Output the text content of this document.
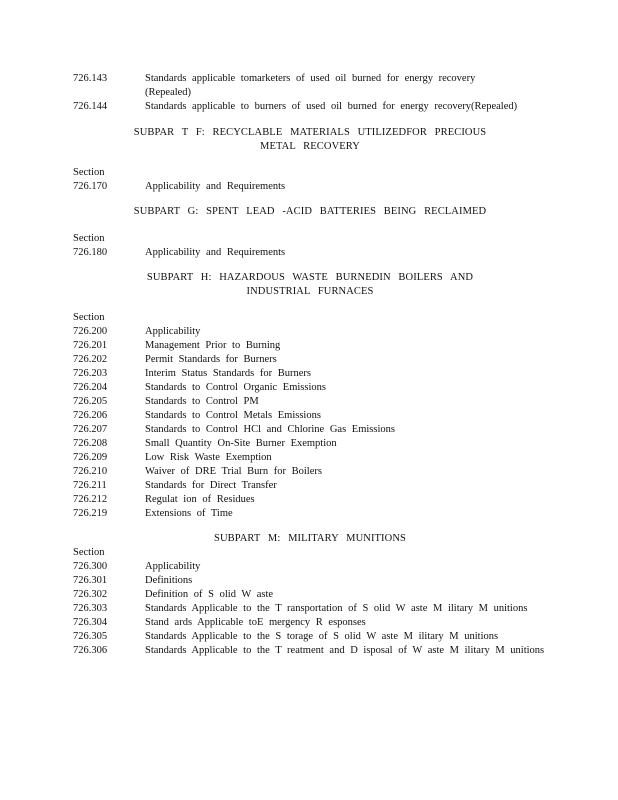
726.143	Standards applicable tomarketers of used oil burned for energy recovery
(Repealed)
726.144	Standards applicable to burners of used oil burned for energy recovery(Repealed)
SUBPAR T F: RECYCLABLE MATERIALS UTILIZEDFOR PRECIOUS
METAL RECOVERY
Section
726.170	Applicability and Requirements
SUBPART G: SPENT LEAD -ACID BATTERIES BEING RECLAIMED
Section
726.180	Applicability and Requirements
SUBPART H: HAZARDOUS WASTE BURNEDIN BOILERS AND
INDUSTRIAL FURNACES
Section
726.200	Applicability
726.201	Management Prior to Burning
726.202	Permit Standards for Burners
726.203	Interim Status Standards for Burners
726.204	Standards to Control Organic Emissions
726.205	Standards to Control PM
726.206	Standards to Control Metals Emissions
726.207	Standards to Control HCl and Chlorine Gas Emissions
726.208	Small Quantity On-Site Burner Exemption
726.209	Low Risk Waste Exemption
726.210	Waiver of DRE Trial Burn for Boilers
726.211	Standards for Direct Transfer
726.212	Regulat ion of Residues
726.219	Extensions of Time
SUBPART M: MILITARY MUNITIONS
Section
726.300	Applicability
726.301	Definitions
726.302	Definition of S olid W aste
726.303	Standards Applicable to the T ransportation of S olid W aste M ilitary M unitions
726.304	Stand ards Applicable toE mergency R esponses
726.305	Standards Applicable to the S torage of S olid W aste M ilitary M unitions
726.306	Standards Applicable to the T reatment and D isposal of W aste M ilitary M unitions
